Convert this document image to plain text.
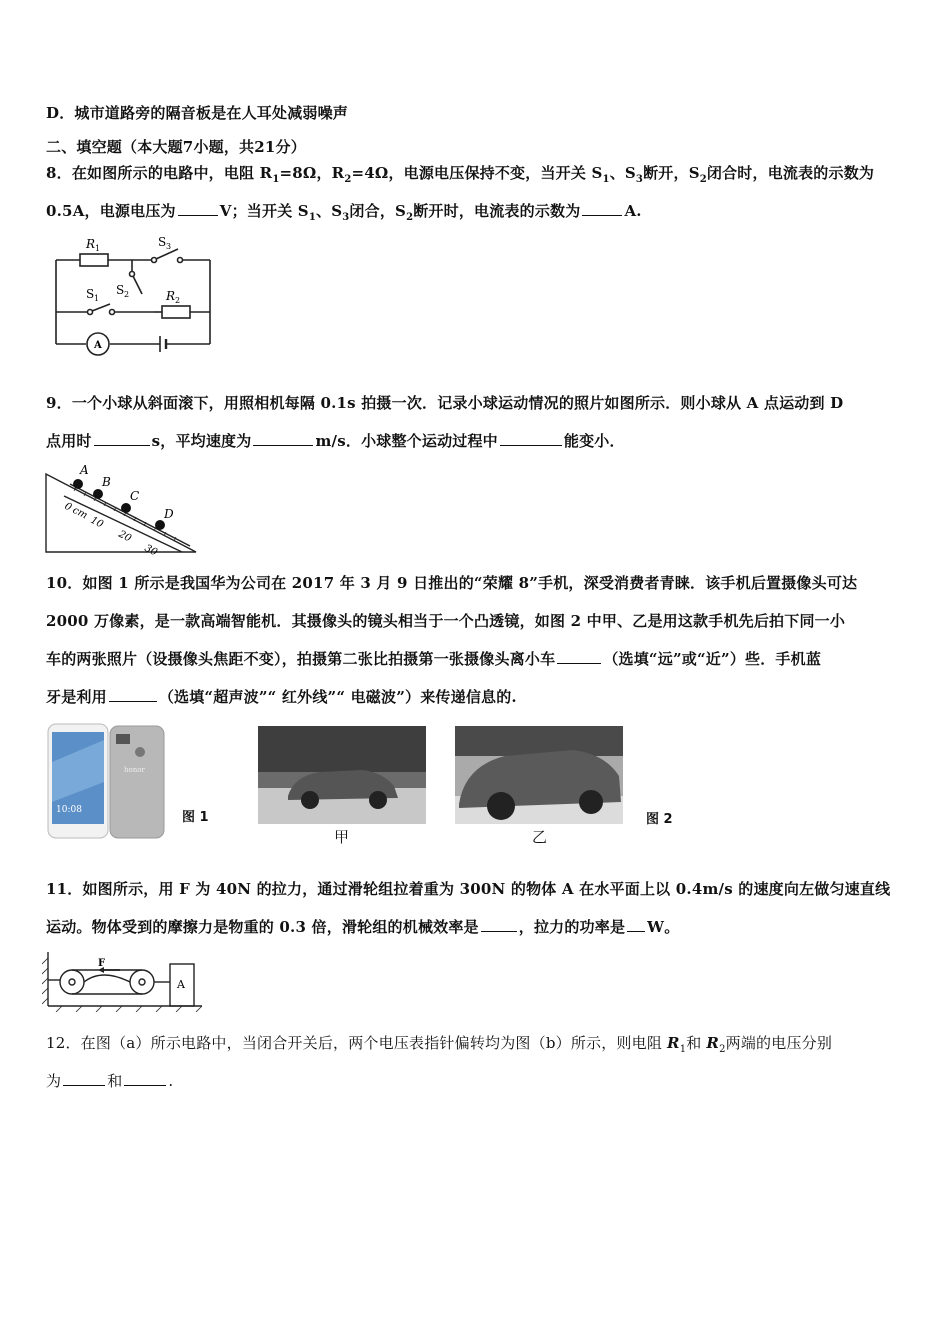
D．城市道路旁的隔音板是在人耳处减弱噪声
二、填空题（本大题7小题，共21分）
8．在如图所示的电路中，电阻 $R_1=8\Omega$，$R_2=4\Omega$，电源电压保持不变，当开关 $S_1$、$S_3$断开，$S_2$闭合时，电流表的示数为
0.5A，电源电压为	V；当开关 $S_1$、$S_3$闭合，$S_2$断开时，电流表的示数为	A.
R 1	S 3
S 1
S 2	R 2
A
9．一个小球从斜面滚下，用照相机每隔 0.1s 拍摄一次．记录小球运动情况的照片如图所示．则小球从 A 点运动到 D
点用时	s，平均速度为	m/s．小球整个运动过程中	能变小．
A
B
C
D
0
cm
10
20
30
10．如图 1 所示是我国华为公司在 2017 年 3 月 9 日推出的“荣耀 8”手机，深受消费者青睐．该手机后置摄像头可达
2000 万像素，是一款高端智能机．其摄像头的镜头相当于一个凸透镜，如图 2 中甲、乙是用这款手机先后拍下同一小
车的两张照片（设摄像头焦距不变），拍摄第二张比拍摄第一张摄像头离小车	（选填“远”或“近”）些．手机蓝
牙是利用	（选填“超声波”“ 红外线”“ 电磁波”）来传递信息的.
10:08
honor
图 1
甲	乙
图 2
11．如图所示，用 F 为 40N 的拉力，通过滑轮组拉着重为 300N 的物体 A 在水平面上以 0.4m/s 的速度向左做匀速直线
运动。物体受到的摩擦力是物重的 0.3 倍，滑轮组的机械效率是	，拉力的功率是 W。
F
A
12．在图（a）所示电路中，当闭合开关后，两个电压表指针偏转均为图（b）所示，则电阻 $R_1$和 $R_2$两端的电压分别
为	和	.
